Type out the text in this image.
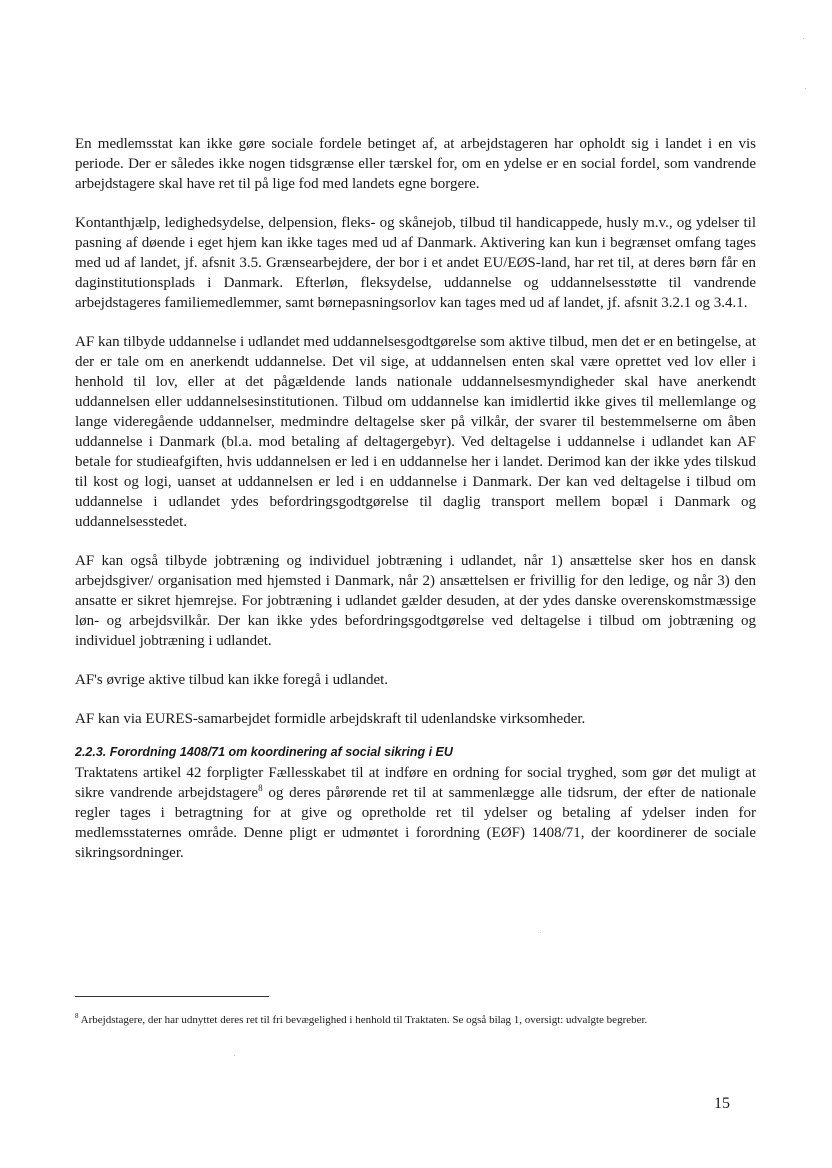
En medlemsstat kan ikke gøre sociale fordele betinget af, at arbejdstageren har opholdt sig i landet i en vis periode. Der er således ikke nogen tidsgrænse eller tærskel for, om en ydelse er en social fordel, som vandrende arbejdstagere skal have ret til på lige fod med landets egne borgere.

Kontanthjælp, ledighedsydelse, delpension, fleks- og skånejob, tilbud til handicappede, husly m.v., og ydelser til pasning af døende i eget hjem kan ikke tages med ud af Danmark. Aktivering kan kun i begrænset omfang tages med ud af landet, jf. afsnit 3.5. Grænsearbejdere, der bor i et andet EU/EØS-land, har ret til, at deres børn får en daginstitutionsplads i Danmark. Efterløn, fleksydelse, uddannelse og uddannelsesstøtte til vandrende arbejdstageres familiemedlemmer, samt børnepasningsorlov kan tages med ud af landet, jf. afsnit 3.2.1 og 3.4.1.

AF kan tilbyde uddannelse i udlandet med uddannelsesgodtgørelse som aktive tilbud, men det er en betingelse, at der er tale om en anerkendt uddannelse. Det vil sige, at uddannelsen enten skal være oprettet ved lov eller i henhold til lov, eller at det pågældende lands nationale uddannelsesmyndigheder skal have anerkendt uddannelsen eller uddannelsesinstitutionen. Tilbud om uddannelse kan imidlertid ikke gives til mellemlange og lange videregående uddannelser, medmindre deltagelse sker på vilkår, der svarer til bestemmelserne om åben uddannelse i Danmark (bl.a. mod betaling af deltagergebyr). Ved deltagelse i uddannelse i udlandet kan AF betale for studieafgiften, hvis uddannelsen er led i en uddannelse her i landet. Derimod kan der ikke ydes tilskud til kost og logi, uanset at uddannelsen er led i en uddannelse i Danmark. Der kan ved deltagelse i tilbud om uddannelse i udlandet ydes befordringsgodtgørelse til daglig transport mellem bopæl i Danmark og uddannelsesstedet.

AF kan også tilbyde jobtræning og individuel jobtræning i udlandet, når 1) ansættelse sker hos en dansk arbejdsgiver/ organisation med hjemsted i Danmark, når 2) ansættelsen er frivillig for den ledige, og når 3) den ansatte er sikret hjemrejse. For jobtræning i udlandet gælder desuden, at der ydes danske overenskomstmæssige løn- og arbejdsvilkår. Der kan ikke ydes befordringsgodtgørelse ved deltagelse i tilbud om jobtræning og individuel jobtræning i udlandet.

AF's øvrige aktive tilbud kan ikke foregå i udlandet.

AF kan via EURES-samarbejdet formidle arbejdskraft til udenlandske virksomheder.

2.2.3. Forordning 1408/71 om koordinering af social sikring i EU

Traktatens artikel 42 forpligter Fællesskabet til at indføre en ordning for social tryghed, som gør det muligt at sikre vandrende arbejdstagere$^8$ og deres pårørende ret til at sammenlægge alle tidsrum, der efter de nationale regler tages i betragtning for at give og opretholde ret til ydelser og betaling af ydelser inden for medlemsstaternes område. Denne pligt er udmøntet i forordning (EØF) 1408/71, der koordinerer de sociale sikringsordninger.

$^8$ Arbejdstagere, der har udnyttet deres ret til fri bevægelighed i henhold til Traktaten. Se også bilag 1, oversigt: udvalgte begreber.

15
